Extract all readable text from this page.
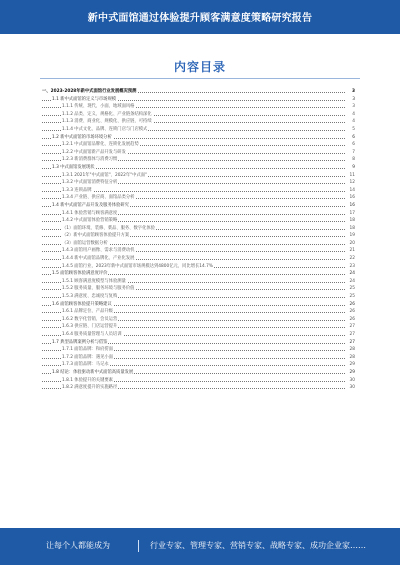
新中式面馆通过体验提升顾客满意度策略研究报告
内容目录
一、2023-2028年新中式面馆行业发展概况预测	3
1.1 新中式面馆的定义与市场规模	3
1.1.1 传统、现代、小面、地域面风格	3
1.1.2 品类、定义、规格化、产业链条结构深化	4
1.1.3 消费、商业化、规模化、供应链、可持续	4
1.1.4 中式文化、品牌、连锁门店与门店模式	5
1.2 新中式面馆的市场环境分析	6
1.2.1 中式面馆品牌化、连锁化发展趋势	6
1.2.2 中式面馆新产品开发与研发	7
1.2.3 新消费群体与消费习惯	8
1.3 中式面馆发展现状	9
1.3.1 2021年"中式面馆"、2022年"中式面"	11
1.3.2 中式面馆消费特征分析	12
1.3.3 连锁品牌	14
1.3.4 产业链、供应商、面馆品类分析	16
1.4 新中式面馆产品开发及服务体验研究	16
1.4.1 体验营销与顾客满意度	17
1.4.2 中式面馆体验营销策略	18
（1）面馆环境、装修、菜品、服务、数字化体验	18
（2）新中式面馆顾客体验提升方案	19
（3）面馆运营数据分析	20
1.4.3 面馆用户画像、需求与消费动机	21
1.4.4 新中式面馆品牌化、产业化发展	22
1.4.5 面馆行业，2023年新中式面馆市场规模达到4800亿元，同比增长14.7%	23
1.5 面馆顾客体验满意度评价	24
1.5.1 顾客满意度模型与体验测量	24
1.5.2 服务质量、服务环境与服务价值	25
1.5.3 满意度、忠诚度与复购	25
1.6 面馆顾客体验提升策略建议	26
1.6.1 品牌定位、产品升级	26
1.6.2 数字化营销、会员运营	26
1.6.3 供应链、门店运营提升	27
1.6.4 服务质量管理与人员培训	27
1.7 典型品牌案例分析与借鉴	27
1.7.1 面馆品牌：和府捞面	28
1.7.2 面馆品牌：遇见小面	28
1.7.3 面馆品牌：马记永	29
1.8 结论：体验驱动新中式面馆高质量发展	29
1.8.1 体验提升的关键要素	30
1.8.2 满意度提升的实施路径	30
让每个人都能成为	行业专家、管理专家、营销专家、战略专家、成功企业家……
